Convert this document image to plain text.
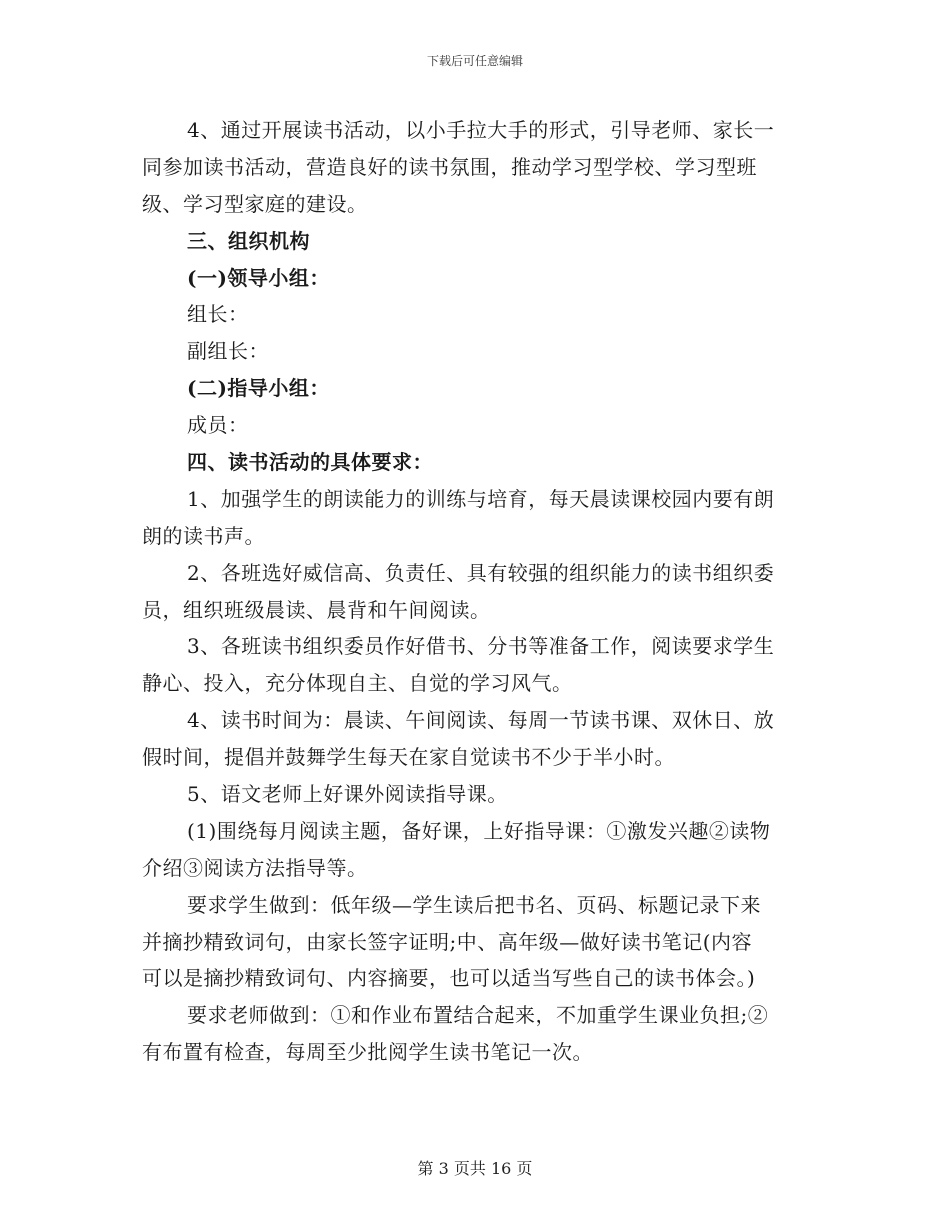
下载后可任意编辑
4、通过开展读书活动，以小手拉大手的形式，引导老师、家长一
同参加读书活动，营造良好的读书氛围，推动学习型学校、学习型班
级、学习型家庭的建设。
三、组织机构
(一)领导小组：
组长：
副组长：
(二)指导小组：
成员：
四、读书活动的具体要求：
1、加强学生的朗读能力的训练与培育，每天晨读课校园内要有朗
朗的读书声。
2、各班选好威信高、负责任、具有较强的组织能力的读书组织委
员，组织班级晨读、晨背和午间阅读。
3、各班读书组织委员作好借书、分书等准备工作，阅读要求学生
静心、投入，充分体现自主、自觉的学习风气。
4、读书时间为：晨读、午间阅读、每周一节读书课、双休日、放
假时间，提倡并鼓舞学生每天在家自觉读书不少于半小时。
5、语文老师上好课外阅读指导课。
(1)围绕每月阅读主题，备好课，上好指导课：①激发兴趣②读物
介绍③阅读方法指导等。
要求学生做到：低年级—学生读后把书名、页码、标题记录下来
并摘抄精致词句，由家长签字证明;中、高年级—做好读书笔记(内容
可以是摘抄精致词句、内容摘要，也可以适当写些自己的读书体会。)
要求老师做到：①和作业布置结合起来，不加重学生课业负担;②
有布置有检查，每周至少批阅学生读书笔记一次。
第 3 页共 16 页
